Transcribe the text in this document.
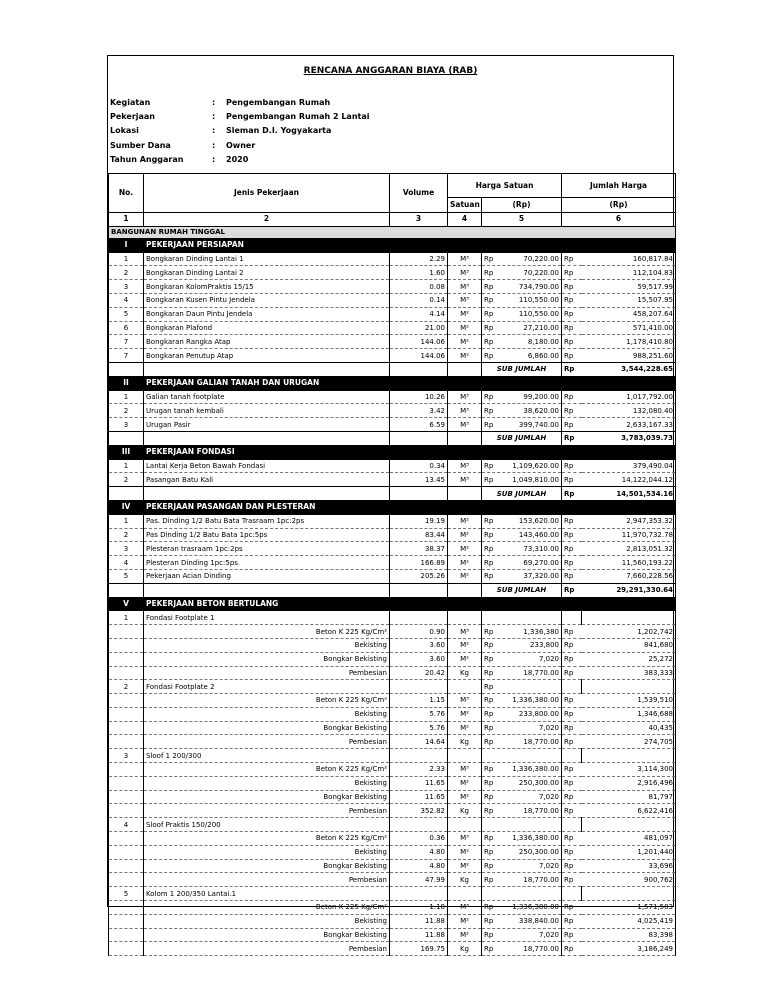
RENCANA ANGGARAN BIAYA (RAB)
Kegiatan	:	Pengembangan Rumah
Pekerjaan	:	Pengembangan Rumah 2 Lantai
Lokasi	:	Sleman D.I. Yogyakarta
Sumber Dana	:	Owner
Tahun Anggaran	:	2020
No.	Jenis Pekerjaan	Volume	Harga Satuan		Jumlah Harga	
			Satuan	(Rp)	(Rp)	
1	2	3	4	5	6	
BANGUNAN RUMAH TINGGAL						
I	PEKERJAAN PERSIAPAN					
1	Bongkaran Dinding Lantai 1	2.29	M³	Rp 70,220.00	Rp	160,817.84
2	Bongkaran Dinding Lantai 2	1.60	M³	Rp 70,220.00	Rp	112,104.83
3	Bongkaran KolomPraktis 15/15	0.08	M³	Rp 734,790.00	Rp	59,517.99
4	Bongkaran Kusen Pintu Jendela	0.14	M³	Rp 110,550.00	Rp	15,507.95
5	Bongkaran Daun Pintu Jendela	4.14	M²	Rp 110,550.00	Rp	458,207.64
6	Bongkaran Plafond	21.00	M²	Rp 27,210.00	Rp	571,410.00
7	Bongkaran Rangka Atap	144.06	M²	Rp 8,180.00	Rp	1,178,410.80
7	Bongkaran Penutup Atap	144.06	M²	Rp 6,860.00	Rp	988,251.60
				SUB JUMLAH	Rp	3,544,228.65
II	PEKERJAAN GALIAN TANAH DAN URUGAN					
1	Galian tanah footplate	10.26	M³	Rp 99,200.00	Rp	1,017,792.00
2	Urugan tanah kembali	3.42	M³	Rp 38,620.00	Rp	132,080.40
3	Urugan Pasir	6.59	M³	Rp 399,740.00	Rp	2,633,167.33
				SUB JUMLAH	Rp	3,783,039.73
III	PEKERJAAN FONDASI					
1	Lantai Kerja Beton Bawah Fondasi	0.34	M³	Rp 1,109,620.00	Rp	379,490.04
2	Pasangan Batu Kali	13.45	M³	Rp 1,049,810.00	Rp	14,122,044.12
				SUB JUMLAH	Rp	14,501,534.16
IV	PEKERJAAN PASANGAN DAN PLESTERAN					
1	Pas. Dinding 1/2 Batu Bata Trasraam 1pc:2ps	19.19	M²	Rp 153,620.00	Rp	2,947,353.32
2	Pas Dinding 1/2 Batu Bata 1pc:5ps	83.44	M²	Rp 143,460.00	Rp	11,970,732.78
3	Plesteran trasraam 1pc:2ps	38.37	M²	Rp 73,310.00	Rp	2,813,051.32
4	Plesteran Dinding 1pc:5ps	166.89	M²	Rp 69,270.00	Rp	11,560,193.22
5	Pekerjaan Acian Dinding	205.26	M²	Rp 37,320.00	Rp	7,660,228.56
				SUB JUMLAH	Rp	29,291,330.64
V	PEKERJAAN BETON BERTULANG					
1	Fondasi Footplate 1					
	Beton K 225 Kg/Cm²	0.90	M³	Rp 1,336,380	Rp	1,202,742
	Bekisting	3.60	M²	Rp 233,800	Rp	841,680
	Bongkar Bekisting	3.60	M²	Rp 7,020	Rp	25,272
	Pembesian	20.42	Kg	Rp 18,770.00	Rp	383,333
2	Fondasi Footplate 2			Rp		
	Beton K 225 Kg/Cm²	1.15	M³	Rp 1,336,380.00	Rp	1,539,510
	Bekisting	5.76	M²	Rp 233,800.00	Rp	1,346,688
	Bongkar Bekisting	5.76	M²	Rp 7,020	Rp	40,435
	Pembesian	14.64	Kg	Rp 18,770.00	Rp	274,705
3	Sloof 1 200/300					
	Beton K 225 Kg/Cm²	2.33	M³	Rp 1,336,380.00	Rp	3,114,300
	Bekisting	11.65	M²	Rp 250,300.00	Rp	2,916,496
	Bongkar Bekisting	11.65	M²	Rp 7,020	Rp	81,797
	Pembesian	352.82	Kg	Rp 18,770.00	Rp	6,622,416
4	Sloof Praktis 150/200					
	Beton K 225 Kg/Cm²	0.36	M³	Rp 1,336,380.00	Rp	481,097
	Bekisting	4.80	M²	Rp 250,300.00	Rp	1,201,440
	Bongkar Bekisting	4.80	M²	Rp 7,020	Rp	33,696
	Pembesian	47.99	Kg	Rp 18,770.00	Rp	900,762
5	Kolom 1 200/350 Lantai.1					
	Beton K 225 Kg/Cm²	1.18	M³	Rp 1,336,380.00	Rp	1,571,583
	Bekisting	11.88	M²	Rp 338,840.00	Rp	4,025,419
	Bongkar Bekisting	11.88	M²	Rp 7,020	Rp	83,398
	Pembesian	169.75	Kg	Rp 18,770.00	Rp	3,186,249
